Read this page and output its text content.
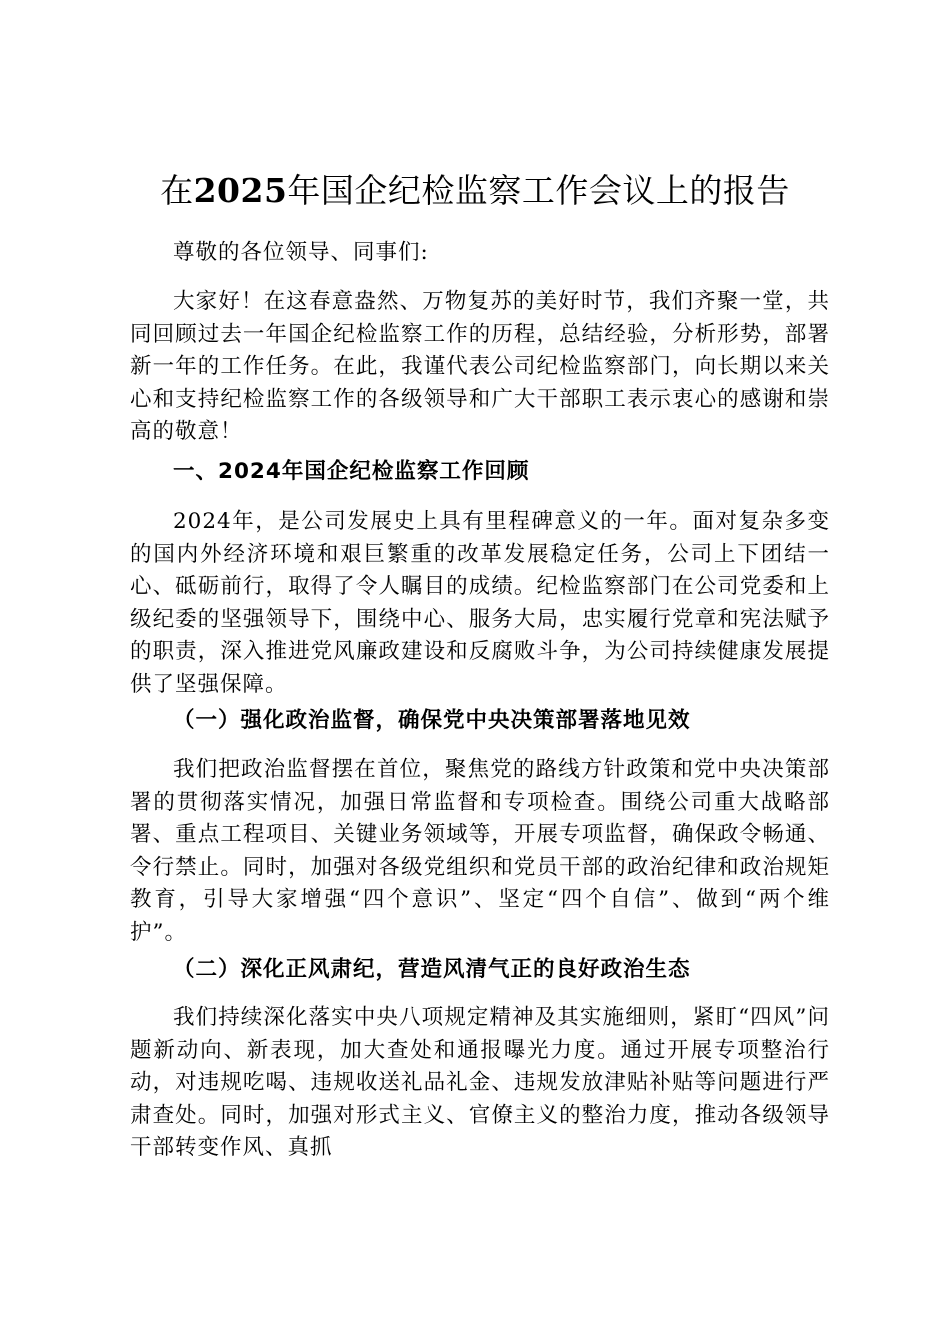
在2025年国企纪检监察工作会议上的报告

尊敬的各位领导、同事们:

大家好！在这春意盎然、万物复苏的美好时节，我们齐聚一堂，共同回顾过去一年国企纪检监察工作的历程，总结经验，分析形势，部署新一年的工作任务。在此，我谨代表公司纪检监察部门，向长期以来关心和支持纪检监察工作的各级领导和广大干部职工表示衷心的感谢和崇高的敬意！

一、2024年国企纪检监察工作回顾

2024年，是公司发展史上具有里程碑意义的一年。面对复杂多变的国内外经济环境和艰巨繁重的改革发展稳定任务，公司上下团结一心、砥砺前行，取得了令人瞩目的成绩。纪检监察部门在公司党委和上级纪委的坚强领导下，围绕中心、服务大局，忠实履行党章和宪法赋予的职责，深入推进党风廉政建设和反腐败斗争，为公司持续健康发展提供了坚强保障。

（一）强化政治监督，确保党中央决策部署落地见效

我们把政治监督摆在首位，聚焦党的路线方针政策和党中央决策部署的贯彻落实情况，加强日常监督和专项检查。围绕公司重大战略部署、重点工程项目、关键业务领域等，开展专项监督，确保政令畅通、令行禁止。同时，加强对各级党组织和党员干部的政治纪律和政治规矩教育，引导大家增强“四个意识”、坚定“四个自信”、做到“两个维护”。

（二）深化正风肃纪，营造风清气正的良好政治生态

我们持续深化落实中央八项规定精神及其实施细则，紧盯“四风”问题新动向、新表现，加大查处和通报曝光力度。通过开展专项整治行动，对违规吃喝、违规收送礼品礼金、违规发放津贴补贴等问题进行严肃查处。同时，加强对形式主义、官僚主义的整治力度，推动各级领导干部转变作风、真抓
